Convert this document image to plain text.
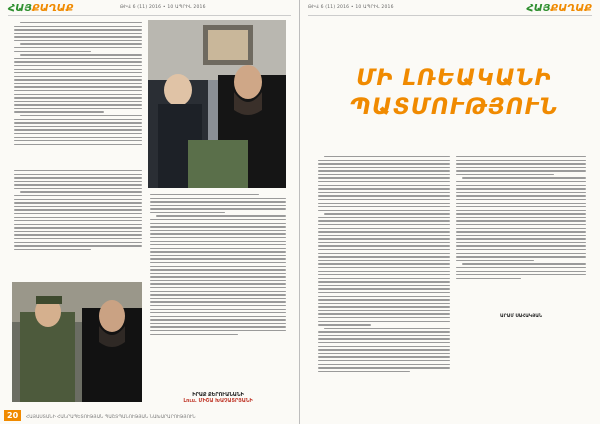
ՀԱՅՔԱՂԱՔ	ԹԻՎ 6 (11) 2016 • 10 ԱՊՐԻԼ 2016
ԻՐԱՔ ՔԵՐՈՒԱՆԱՆԻ
Լուս. ՄԻՇԱ ԽԱՉԱՏՐՅԱՆԻ
20	ՀԱՅԱՍՏԱՆԻ ՀԱՆՐԱՊԵՏՈՒԹՅԱՆ ՊԱՇՏՊԱՆՈՒԹՅԱՆ ՆԱԽԱՐԱՐՈՒԹՅՈՒՆ
ՀԱՅՔԱՂԱՔ
ԹԻՎ 6 (11) 2016 • 10 ԱՊՐԻԼ 2016
ՄԻ ԼՌԵԱԿԱՆԻ
ՊԱՏՄՈՒԹՅՈՒՆ
ԱՐԱՄ ՍԱՀԱԿՅԱՆ
